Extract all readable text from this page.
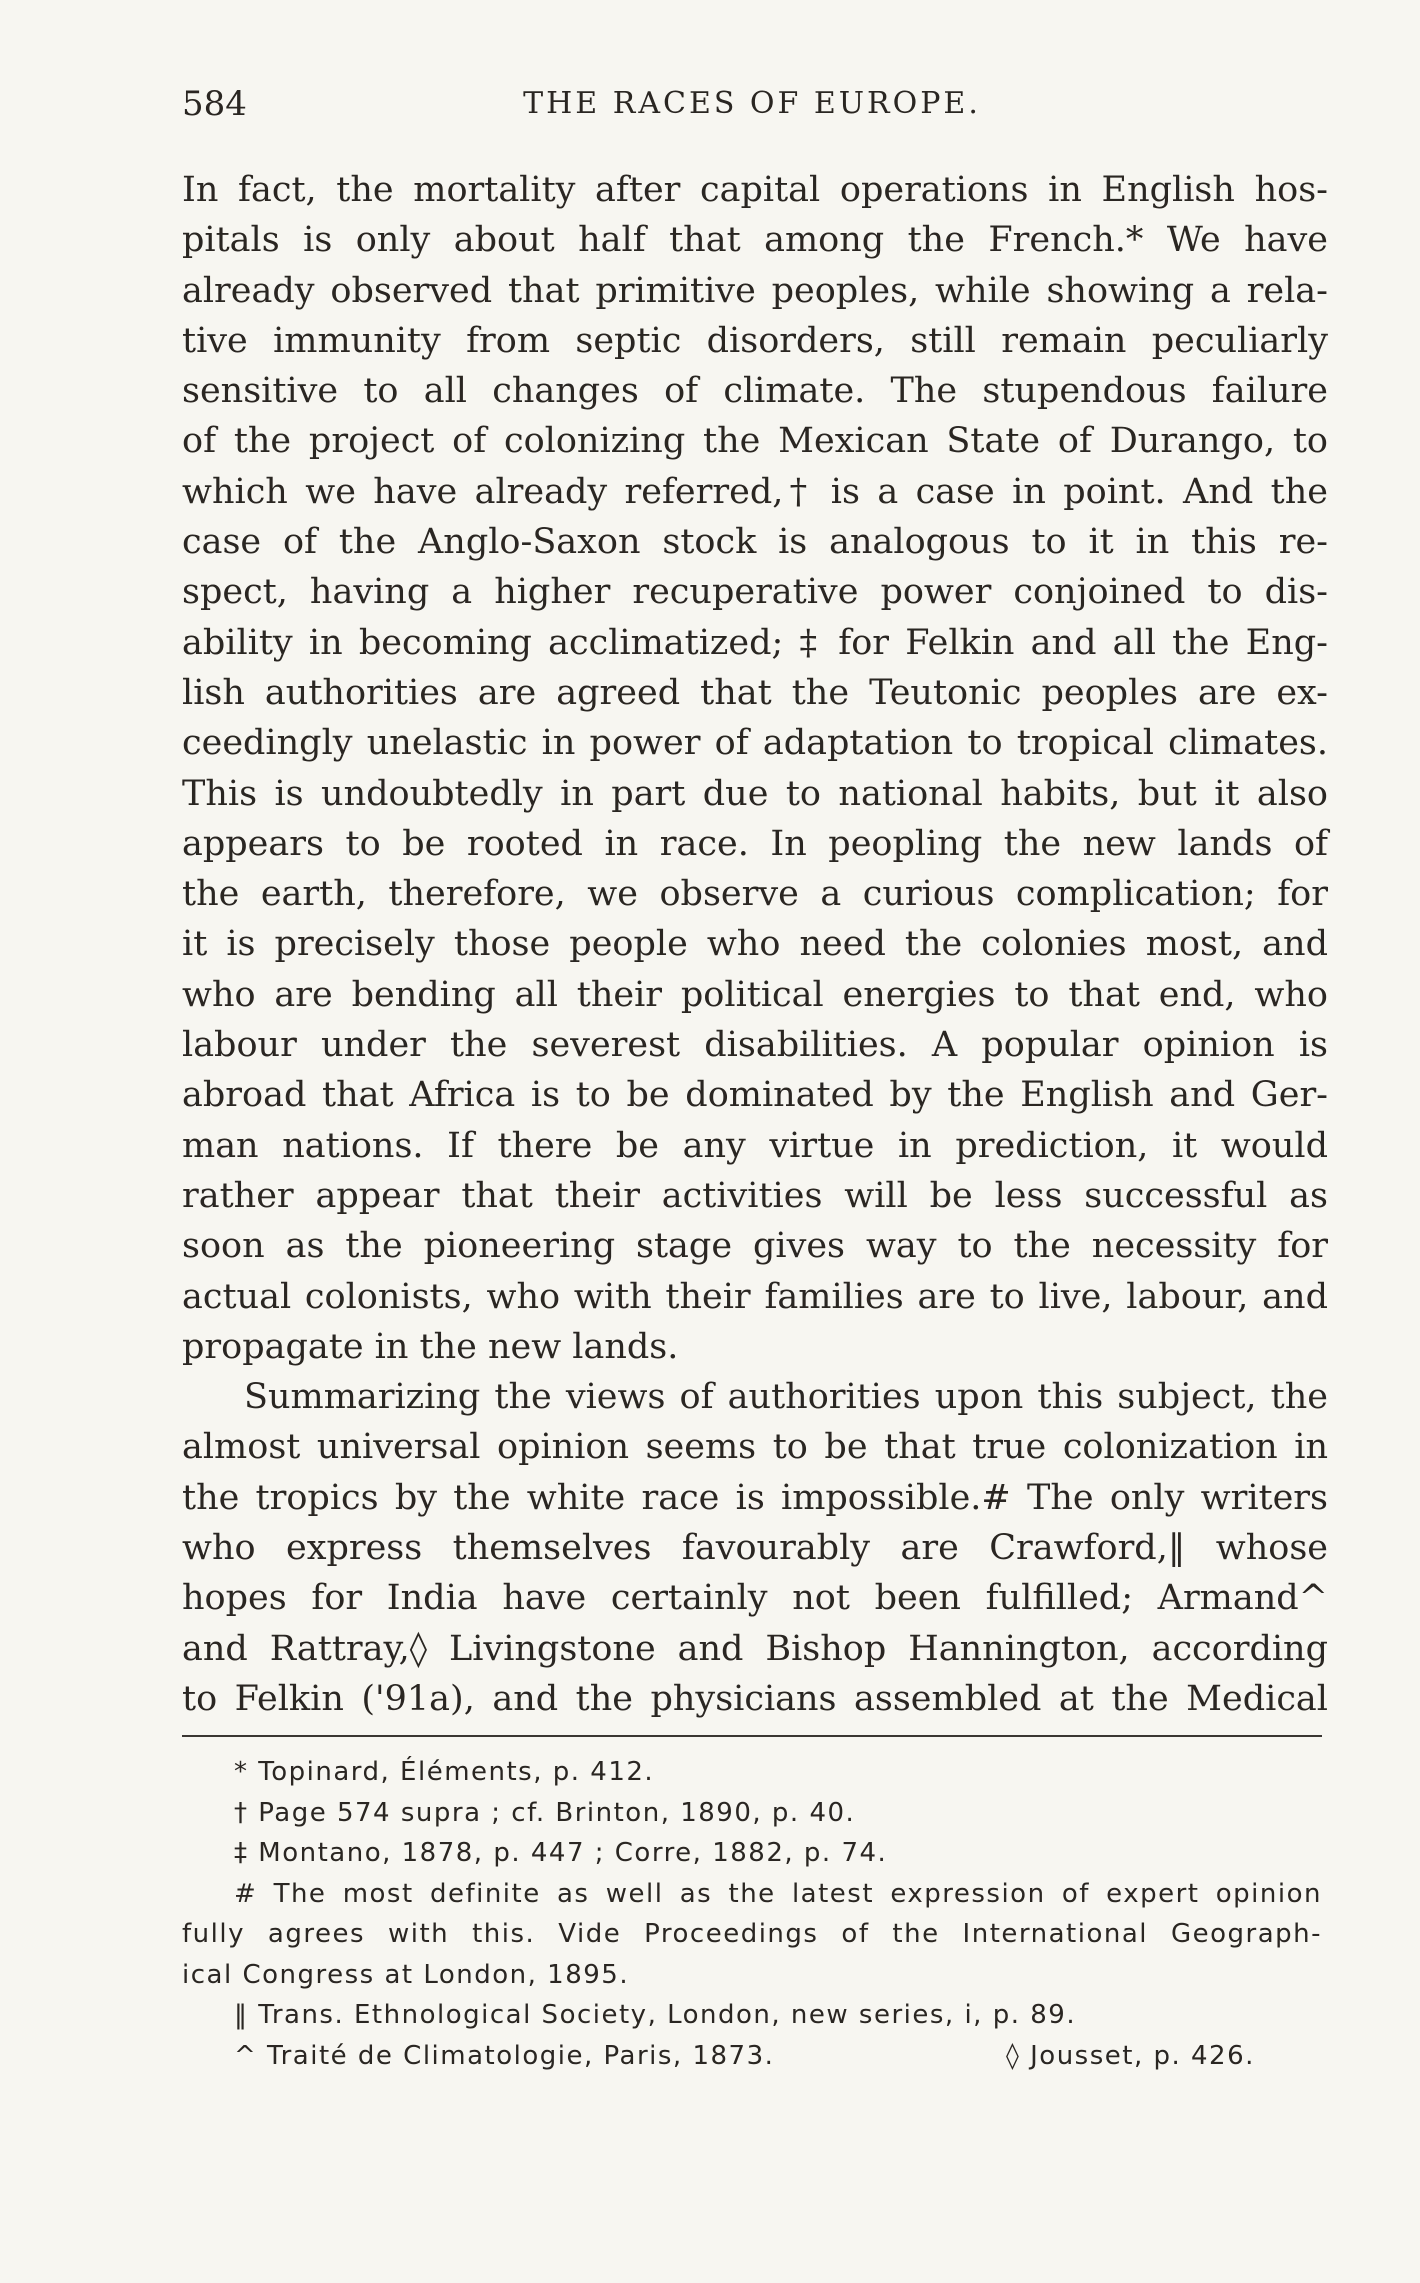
584	THE RACES OF EUROPE.
In fact, the mortality after capital operations in English hos-
pitals is only about half that among the French.* We have
already observed that primitive peoples, while showing a rela-
tive immunity from septic disorders, still remain peculiarly
sensitive to all changes of climate. The stupendous failure
of the project of colonizing the Mexican State of Durango, to
which we have already referred,† is a case in point. And the
case of the Anglo-Saxon stock is analogous to it in this re-
spect, having a higher recuperative power conjoined to dis-
ability in becoming acclimatized; ‡ for Felkin and all the Eng-
lish authorities are agreed that the Teutonic peoples are ex-
ceedingly unelastic in power of adaptation to tropical climates.
This is undoubtedly in part due to national habits, but it also
appears to be rooted in race. In peopling the new lands of
the earth, therefore, we observe a curious complication; for
it is precisely those people who need the colonies most, and
who are bending all their political energies to that end, who
labour under the severest disabilities. A popular opinion is
abroad that Africa is to be dominated by the English and Ger-
man nations. If there be any virtue in prediction, it would
rather appear that their activities will be less successful as
soon as the pioneering stage gives way to the necessity for
actual colonists, who with their families are to live, labour, and
propagate in the new lands.
Summarizing the views of authorities upon this subject, the
almost universal opinion seems to be that true colonization in
the tropics by the white race is impossible.# The only writers
who express themselves favourably are Crawford,‖ whose
hopes for India have certainly not been fulfilled; Armand^
and Rattray,◊ Livingstone and Bishop Hannington, according
to Felkin ('91a), and the physicians assembled at the Medical
* Topinard, Éléments, p. 412.
† Page 574 supra ; cf. Brinton, 1890, p. 40.
‡ Montano, 1878, p. 447 ; Corre, 1882, p. 74.
# The most definite as well as the latest expression of expert opinion
fully agrees with this. Vide Proceedings of the International Geograph-
ical Congress at London, 1895.
‖ Trans. Ethnological Society, London, new series, i, p. 89.
^ Traité de Climatologie, Paris, 1873.	◊ Jousset, p. 426.
